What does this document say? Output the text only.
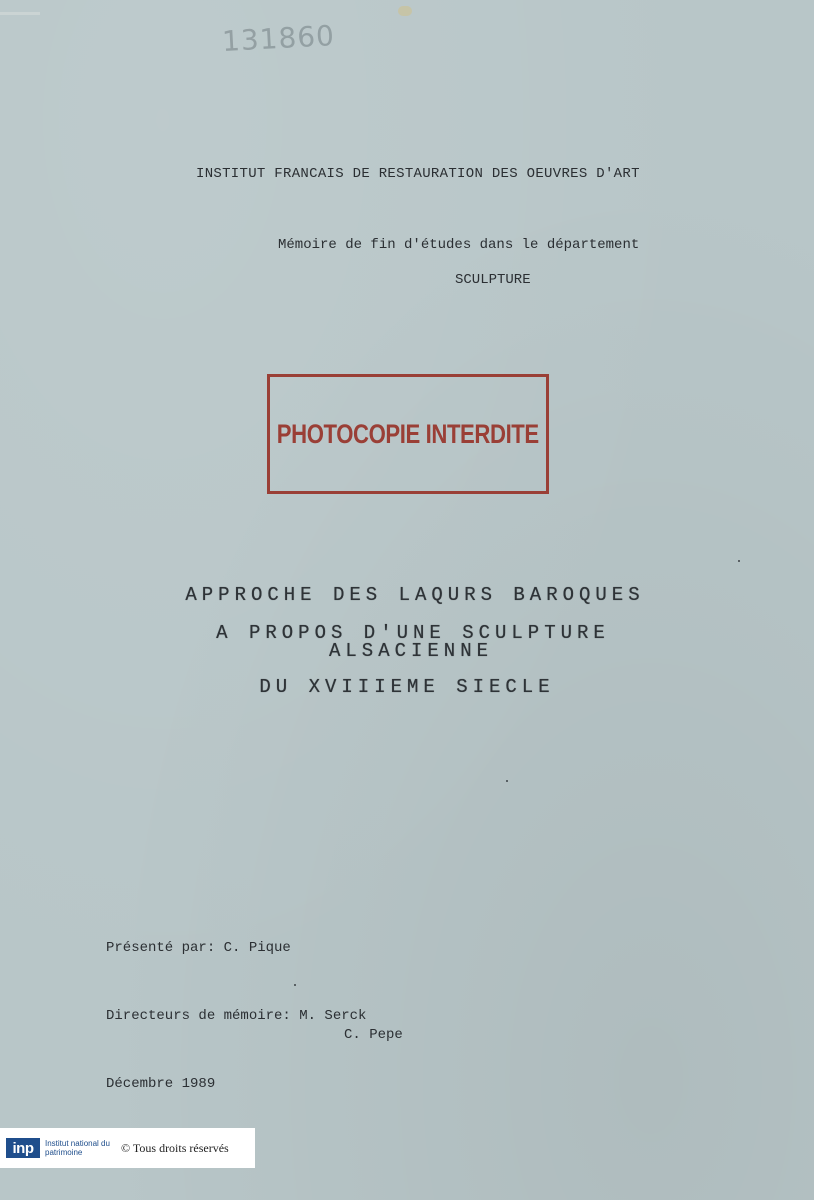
131860
INSTITUT FRANCAIS DE RESTAURATION DES OEUVRES D'ART
Mémoire de fin d'études dans le département
SCULPTURE
PHOTOCOPIE INTERDITE
APPROCHE DES LAQURS BAROQUES
A PROPOS D'UNE SCULPTURE
ALSACIENNE
DU XVIIIEME SIECLE
Présenté par: C. Pique
Directeurs de mémoire: M. Serck
C. Pepe
Décembre 1989
inp	Institut national du patrimoine	© Tous droits réservés
